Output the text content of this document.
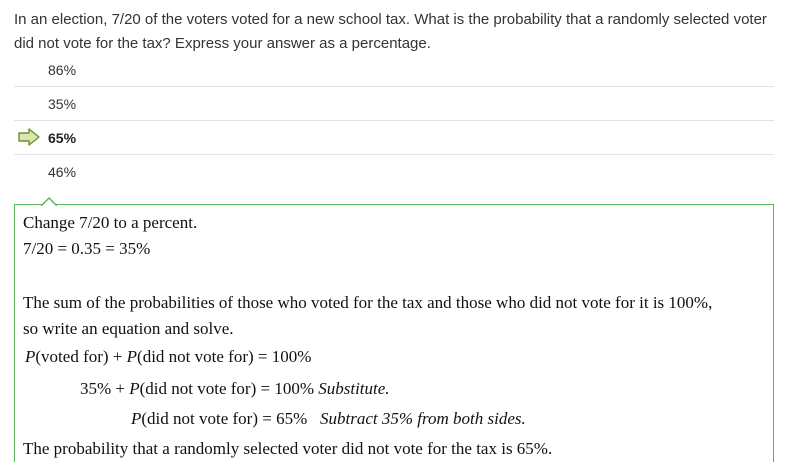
In an election, 7/20 of the voters voted for a new school tax. What is the probability that a randomly selected voter did not vote for the tax? Express your answer as a percentage.
86%
35%
65%
46%
Change 7/20 to a percent.
7/20 = 0.35 = 35%
The sum of the probabilities of those who voted for the tax and those who did not vote for it is 100%,
so write an equation and solve.
P(voted for) + P(did not vote for) = 100%
35% + P(did not vote for) = 100% Substitute.
P(did not vote for) = 65%   Subtract 35% from both sides.
The probability that a randomly selected voter did not vote for the tax is 65%.
